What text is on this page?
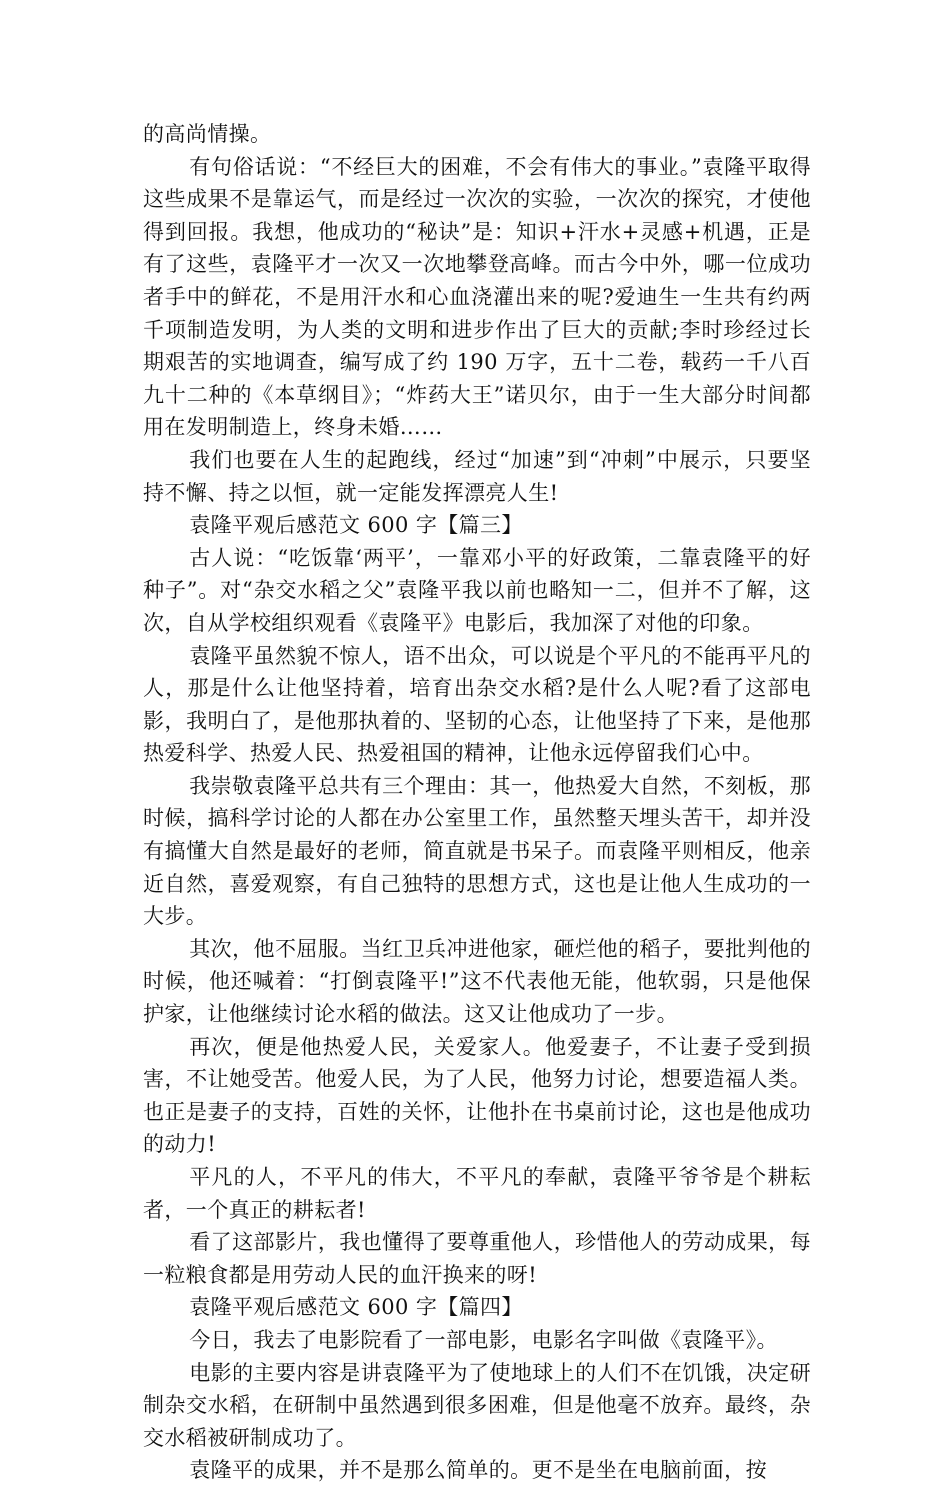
的高尚情操。

有句俗话说：“不经巨大的困难，不会有伟大的事业。”袁隆平取得这些成果不是靠运气，而是经过一次次的实验，一次次的探究，才使他得到回报。我想，他成功的“秘诀”是：知识+汗水+灵感+机遇，正是有了这些，袁隆平才一次又一次地攀登高峰。而古今中外，哪一位成功者手中的鲜花，不是用汗水和心血浇灌出来的呢?爱迪生一生共有约两千项制造发明，为人类的文明和进步作出了巨大的贡献;李时珍经过长期艰苦的实地调查，编写成了约 190 万字，五十二卷，载药一千八百九十二种的《本草纲目》；“炸药大王”诺贝尔，由于一生大部分时间都用在发明制造上，终身未婚……

我们也要在人生的起跑线，经过“加速”到“冲刺”中展示，只要坚持不懈、持之以恒，就一定能发挥漂亮人生!

袁隆平观后感范文 600 字【篇三】

古人说：“吃饭靠‘两平’，一靠邓小平的好政策，二靠袁隆平的好种子”。对“杂交水稻之父”袁隆平我以前也略知一二，但并不了解，这次，自从学校组织观看《袁隆平》电影后，我加深了对他的印象。

袁隆平虽然貌不惊人，语不出众，可以说是个平凡的不能再平凡的人，那是什么让他坚持着，培育出杂交水稻?是什么人呢?看了这部电影，我明白了，是他那执着的、坚韧的心态，让他坚持了下来，是他那热爱科学、热爱人民、热爱祖国的精神，让他永远停留我们心中。

我崇敬袁隆平总共有三个理由：其一，他热爱大自然，不刻板，那时候，搞科学讨论的人都在办公室里工作，虽然整天埋头苦干，却并没有搞懂大自然是最好的老师，简直就是书呆子。而袁隆平则相反，他亲近自然，喜爱观察，有自己独特的思想方式，这也是让他人生成功的一大步。

其次，他不屈服。当红卫兵冲进他家，砸烂他的稻子，要批判他的时候，他还喊着：“打倒袁隆平!”这不代表他无能，他软弱，只是他保护家，让他继续讨论水稻的做法。这又让他成功了一步。

再次，便是他热爱人民，关爱家人。他爱妻子，不让妻子受到损害，不让她受苦。他爱人民，为了人民，他努力讨论，想要造福人类。也正是妻子的支持，百姓的关怀，让他扑在书桌前讨论，这也是他成功的动力!

平凡的人，不平凡的伟大，不平凡的奉献，袁隆平爷爷是个耕耘者，一个真正的耕耘者!

看了这部影片，我也懂得了要尊重他人，珍惜他人的劳动成果，每一粒粮食都是用劳动人民的血汗换来的呀!

袁隆平观后感范文 600 字【篇四】

今日，我去了电影院看了一部电影，电影名字叫做《袁隆平》。

电影的主要内容是讲袁隆平为了使地球上的人们不在饥饿，决定研制杂交水稻，在研制中虽然遇到很多困难，但是他毫不放弃。最终，杂交水稻被研制成功了。

袁隆平的成果，并不是那么简单的。更不是坐在电脑前面，按
